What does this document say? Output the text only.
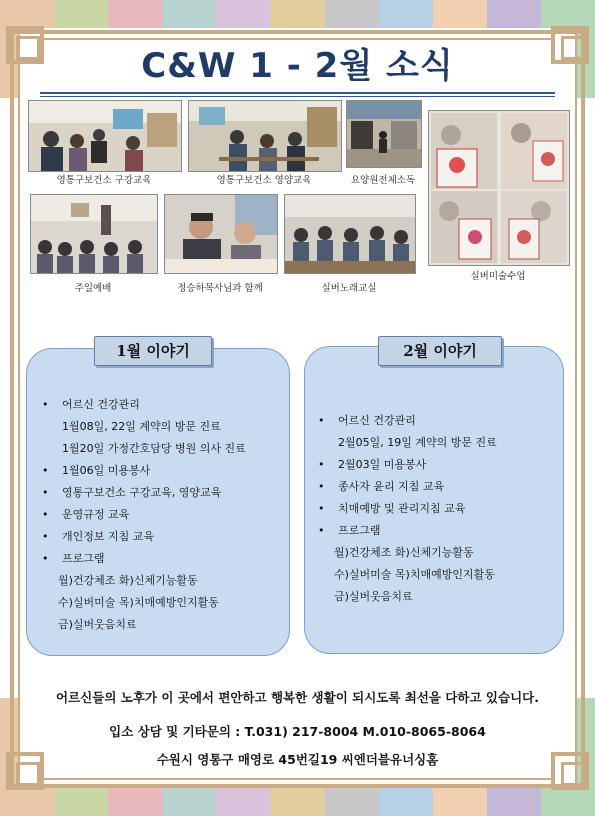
C&W 1 - 2월 소식
영통구보건소 구강교육	영통구보건소 영양교육	요양원전체소독
실버미술수업
주일예배	정승하목사님과 함께	실버노래교실
1월 이야기
• 어르신 건강관리
1월08일, 22일 계약의 방문 진료
1월20일 가정간호담당 병원 의사 진료
• 1월06일 미용봉사
• 영통구보건소 구강교육, 영양교육
• 운영규정 교육
• 개인정보 지침 교육
• 프로그램
월)건강체조 화)신체기능활동
수)실버미술 목)치매예방인지활동
금)실버웃음치료
2월 이야기
• 어르신 건강관리
2월05일, 19일 계약의 방문 진료
• 2월03일 미용봉사
• 종사자 윤리 지침 교육
• 치매예방 및 관리지침 교육
• 프로그램
월)건강체조 화)신체기능활동
수)실버미술 목)치매예방인지활동
금)실버웃음치료
어르신들의 노후가 이 곳에서 편안하고 행복한 생활이 되시도록 최선을 다하고 있습니다.
입소 상담 및 기타문의 : T.031) 217-8004 M.010-8065-8064
수원시 영통구 매영로 45번길19 씨엔더블유너싱홈
